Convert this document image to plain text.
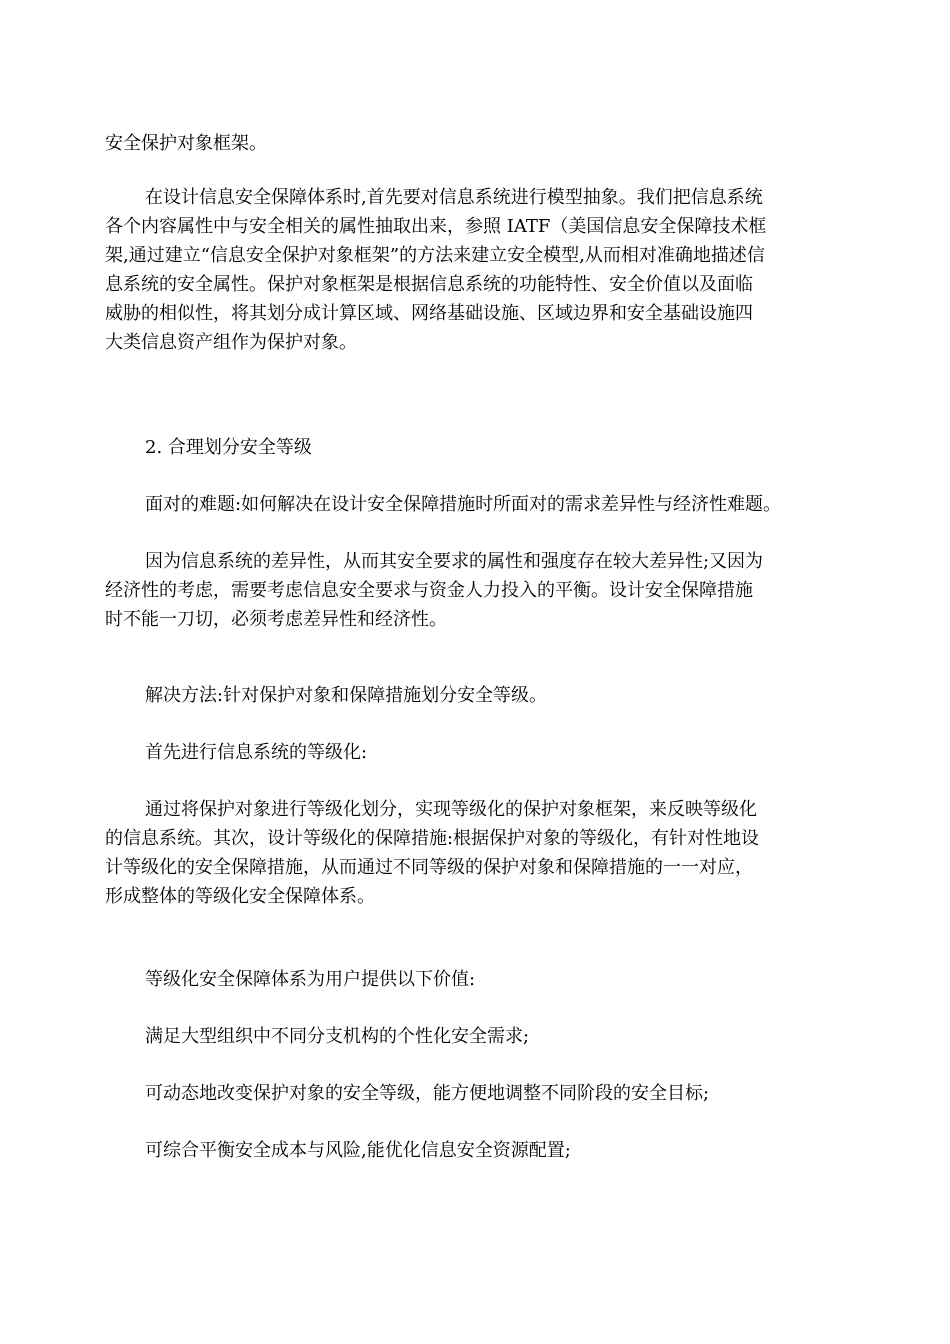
安全保护对象框架。

在设计信息安全保障体系时,首先要对信息系统进行模型抽象。我们把信息系统
各个内容属性中与安全相关的属性抽取出来，参照 IATF（美国信息安全保障技术框
架,通过建立“信息安全保护对象框架”的方法来建立安全模型,从而相对准确地描述信
息系统的安全属性。保护对象框架是根据信息系统的功能特性、安全价值以及面临
威胁的相似性，将其划分成计算区域、网络基础设施、区域边界和安全基础设施四
大类信息资产组作为保护对象。

2. 合理划分安全等级

面对的难题:如何解决在设计安全保障措施时所面对的需求差异性与经济性难题。

因为信息系统的差异性，从而其安全要求的属性和强度存在较大差异性;又因为
经济性的考虑，需要考虑信息安全要求与资金人力投入的平衡。设计安全保障措施
时不能一刀切，必须考虑差异性和经济性。

解决方法:针对保护对象和保障措施划分安全等级。

首先进行信息系统的等级化:

通过将保护对象进行等级化划分，实现等级化的保护对象框架，来反映等级化
的信息系统。其次，设计等级化的保障措施:根据保护对象的等级化，有针对性地设
计等级化的安全保障措施，从而通过不同等级的保护对象和保障措施的一一对应，
形成整体的等级化安全保障体系。

等级化安全保障体系为用户提供以下价值:

满足大型组织中不同分支机构的个性化安全需求;

可动态地改变保护对象的安全等级，能方便地调整不同阶段的安全目标;

可综合平衡安全成本与风险,能优化信息安全资源配置;
